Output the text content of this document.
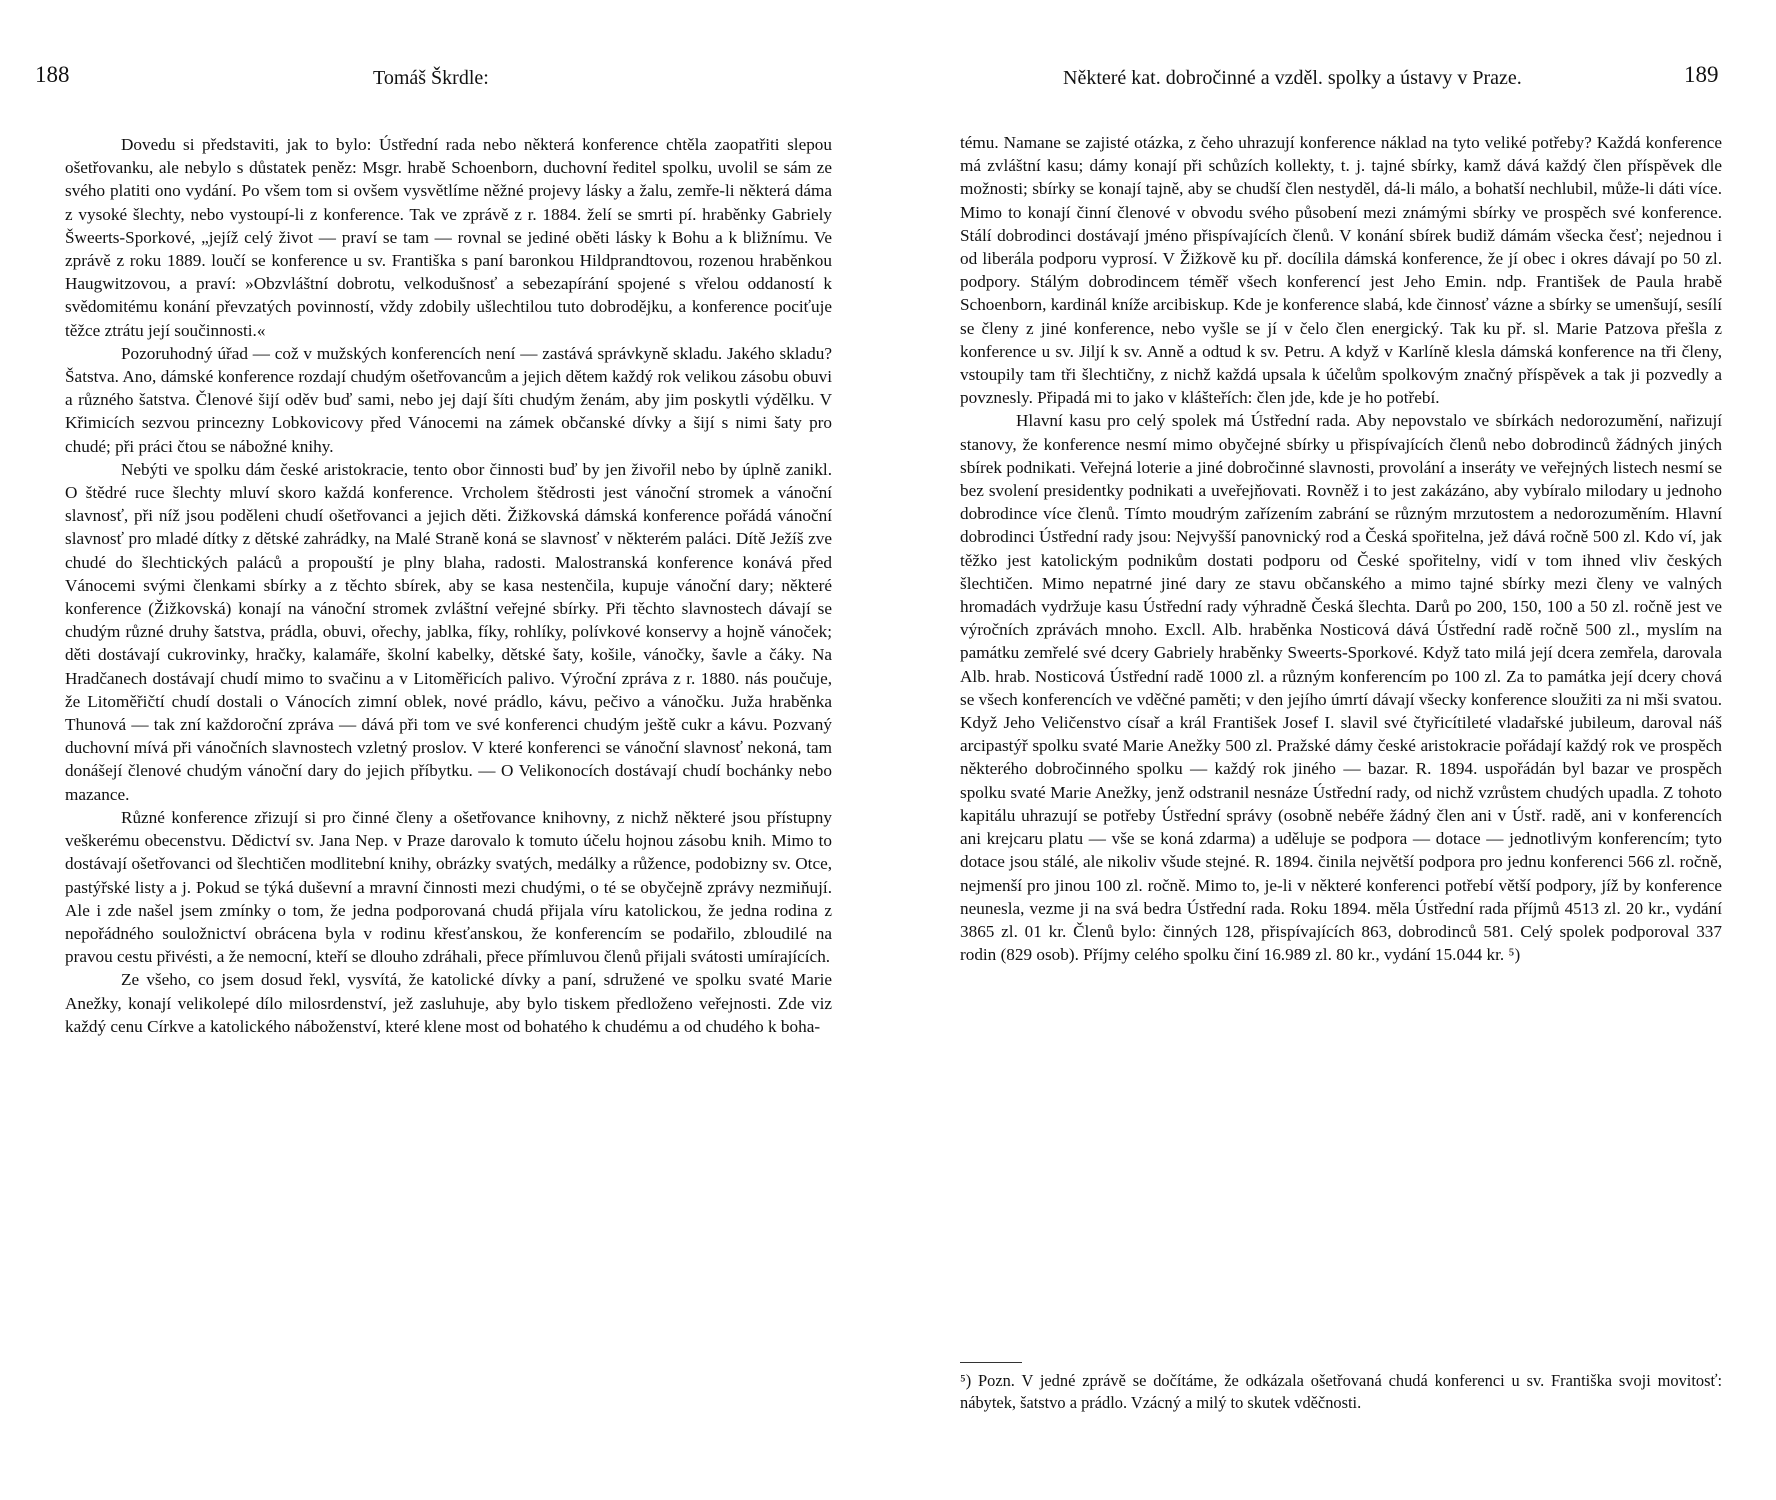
188	Tomáš Škrdle:

Dovedu si představiti, jak to bylo: Ústřední rada nebo některá konference chtěla zaopatřiti slepou ošetřovanku, ale nebylo s důstatek peněz: Msgr. hrabě Schoenborn, duchovní ředitel spolku, uvolil se sám ze svého platiti ono vydání. Po všem tom si ovšem vysvětlíme něžné projevy lásky a žalu, zemře-li některá dáma z vysoké šlechty, nebo vystoupí-li z konference. Tak ve zprávě z r. 1884. želí se smrti pí. hraběnky Gabriely Šweerts-Sporkové, „jejíž celý život — praví se tam — rovnal se jediné oběti lásky k Bohu a k bližnímu. Ve zprávě z roku 1889. loučí se konference u sv. Františka s paní baronkou Hildprandtovou, rozenou hraběnkou Haugwitzovou, a praví: »Obzvláštní dobrotu, velkodušnosť a sebezapírání spojené s vřelou oddaností k svědomitému konání převzatých povinností, vždy zdobily ušlechtilou tuto dobroděјku, a konference pociťuje těžce ztrátu její součinnosti.«

Pozoruhodný úřad — což v mužských konferencích není — zastává správkyně skladu. Jakého skladu? Šatstva. Ano, dámské konference rozdají chudým ošetřovancům a jejich dětem každý rok velikou zásobu obuvi a různého šatstva. Členové šijí oděv buď sami, nebo jej dají šíti chudým ženám, aby jim poskytli výdělku. V Křimicích sezvou princezny Lobkovicovy před Vánocemi na zámek občanské dívky a šijí s nimi šaty pro chudé; při práci čtou se nábožné knihy.

Nebýti ve spolku dám české aristokracie, tento obor činnosti buď by jen živořil nebo by úplně zanikl. O štědré ruce šlechty mluví skoro každá konference. Vrcholem štědrosti jest vánoční stromek a vánoční slavnosť, při níž jsou poděleni chudí ošetřovanci a jejich děti. Žižkovská dámská konference pořádá vánoční slavnosť pro mladé dítky z dětské zahrádky, na Malé Straně koná se slavnosť v některém paláci. Dítě Ježíš zve chudé do šlechtických paláců a propouští je plny blaha, radosti. Malostranská konference konává před Vánocemi svými členkami sbírky a z těchto sbírek, aby se kasa nestenčila, kupuje vánoční dary; některé konference (Žižkovská) konají na vánoční stromek zvláštní veřejné sbírky. Při těchto slavnostech dávají se chudým různé druhy šatstva, prádla, obuvi, ořechy, jablka, fíky, rohlíky, polívkové konservy a hojně vánoček; děti dostávají cukrovinky, hračky, kalamáře, školní kabelky, dětské šaty, košile, vánočky, šavle a čáky. Na Hradčanech dostávají chudí mimo to svačinu a v Litoměřicích palivo. Výroční zpráva z r. 1880. nás poučuje, že Litoměřičtí chudí dostali o Vánocích zimní oblek, nové prádlo, kávu, pečivo a vánočku. Juža hraběnka Thunová — tak zní každoroční zpráva — dává při tom ve své konferenci chudým ještě cukr a kávu. Pozvaný duchovní mívá při vánočních slavnostech vzletný proslov. V které konferenci se vánoční slavnosť nekoná, tam donášejí členové chudým vánoční dary do jejich příbytku. — O Velikonocích dostávají chudí bochánky nebo mazance.

Různé konference zřizují si pro činné členy a ošetřovance knihovny, z nichž některé jsou přístupny veškerému obecenstvu. Dědictví sv. Jana Nep. v Praze darovalo k tomuto účelu hojnou zásobu knih. Mimo to dostávají ošetřovanci od šlechtičen modlitební knihy, obrázky svatých, medálky a růžence, podobizny sv. Otce, pastýřské listy a j. Pokud se týká duševní a mravní činnosti mezi chudými, o té se obyčejně zprávy nezmiňují. Ale i zde našel jsem zmínky o tom, že jedna podporovaná chudá přijala víru katolickou, že jedna rodina z nepořádného souložnictví obrácena byla v rodinu křesťanskou, že konferencím se podařilo, zbloudilé na pravou cestu přivésti, a že nemocní, kteří se dlouho zdráhali, přece přímluvou členů přijali svátosti umírajících.

Ze všeho, co jsem dosud řekl, vysvítá, že katolické dívky a paní, sdružené ve spolku svaté Marie Anežky, konají velikolepé dílo milosrdenství, jež zasluhuje, aby bylo tiskem předloženo veřejnosti. Zde viz každý cenu Církve a katolického náboženství, které klene most od bohatého k chudému a od chudého k boha-

Některé kat. dobročinné a vzděl. spolky a ústavy v Praze.	189

tému. Namane se zajisté otázka, z čeho uhrazují konference náklad na tyto veliké potřeby? Každá konference má zvláštní kasu; dámy konají při schůzích kollekty, t. j. tajné sbírky, kamž dává každý člen příspěvek dle možnosti; sbírky se konají tajně, aby se chudší člen nestyděl, dá-li málo, a bohatší nechlubil, může-li dáti více. Mimo to konají činní členové v obvodu svého působení mezi známými sbírky ve prospěch své konference. Stálí dobrodinci dostávají jméno přispívajících členů. V konání sbírek budiž dámám všecka česť; nejednou i od liberála podporu vyprosí. V Žižkově ku př. docílila dámská konference, že jí obec i okres dávají po 50 zl. podpory. Stálým dobrodincem téměř všech konferencí jest Jeho Emin. ndp. František de Paula hrabě Schoenborn, kardinál kníže arcibiskup. Kde je konference slabá, kde činnosť vázne a sbírky se umenšují, sesílí se členy z jiné konference, nebo vyšle se jí v čelo člen energický. Tak ku př. sl. Marie Patzova přešla z konference u sv. Jiljí k sv. Anně a odtud k sv. Petru. A když v Karlíně klesla dámská konference na tři členy, vstoupily tam tři šlechtičny, z nichž každá upsala k účelům spolkovým značný příspěvek a tak ji pozvedly a povznesly. Připadá mi to jako v klášteřích: člen jde, kde je ho potřebí.

Hlavní kasu pro celý spolek má Ústřední rada. Aby nepovstalo ve sbírkách nedorozumění, nařizují stanovy, že konference nesmí mimo obyčejné sbírky u přispívajících členů nebo dobrodinců žádných jiných sbírek podnikati. Veřejná loterie a jiné dobročinné slavnosti, provolání a inseráty ve veřejných listech nesmí se bez svolení presidentky podnikati a uveřejňovati. Rovněž i to jest zakázáno, aby vybíralo milodary u jednoho dobrodince více členů. Tímto moudrým zařízením zabrání se různým mrzutostem a nedorozuměním. Hlavní dobrodinci Ústřední rady jsou: Nejvyšší panovnický rod a Česká spořitelna, jež dává ročně 500 zl. Kdo ví, jak těžko jest katolickým podnikům dostati podporu od České spořitelny, vidí v tom ihned vliv českých šlechtičen. Mimo nepatrné jiné dary ze stavu občanského a mimo tajné sbírky mezi členy ve valných hromadách vydržuje kasu Ústřední rady výhradně Česká šlechta. Darů po 200, 150, 100 a 50 zl. ročně jest ve výročních zprávách mnoho. Excll. Alb. hraběnka Nosticová dává Ústřední radě ročně 500 zl., myslím na památku zemřelé své dcery Gabriely hraběnky Sweerts-Sporkové. Když tato milá její dcera zemřela, darovala Alb. hrab. Nosticová Ústřední radě 1000 zl. a různým konferencím po 100 zl. Za to památka její dcery chová se všech konferencích ve vděčné paměti; v den jejího úmrtí dávají všecky konference sloužiti za ni mši svatou. Když Jeho Veličenstvo císař a král František Josef I. slavil své čtyřicítileté vladařské jubileum, daroval náš arcipastýř spolku svaté Marie Anežky 500 zl. Pražské dámy české aristokracie pořádají každý rok ve prospěch některého dobročinného spolku — každý rok jiného — bazar. R. 1894. uspořádán byl bazar ve prospěch spolku svaté Marie Anežky, jenž odstranil nesnáze Ústřední rady, od nichž vzrůstem chudých upadla. Z tohoto kapitálu uhrazují se potřeby Ústřední správy (osobně nebéře žádný člen ani v Ústř. radě, ani v konferencích ani krejcaru platu — vše se koná zdarma) a uděluje se podpora — dotace — jednotlivým konferencím; tyto dotace jsou stálé, ale nikoliv všude stejné. R. 1894. činila největší podpora pro jednu konferenci 566 zl. ročně, nejmenší pro jinou 100 zl. ročně. Mimo to, je-li v některé konferenci potřebí větší podpory, jíž by konference neunesla, vezme ji na svá bedra Ústřední rada. Roku 1894. měla Ústřední rada příjmů 4513 zl. 20 kr., vydání 3865 zl. 01 kr. Členů bylo: činných 128, přispívajících 863, dobrodinců 581. Celý spolek podporoval 337 rodin (829 osob). Příjmy celého spolku činí 16.989 zl. 80 kr., vydání 15.044 kr. ⁵)

⁵) Pozn. V jedné zprávě se dočítáme, že odkázala ošetřovaná chudá konferenci u sv. Františka svoji movitosť: nábytek, šatstvo a prádlo. Vzácný a milý to skutek vděčnosti.
